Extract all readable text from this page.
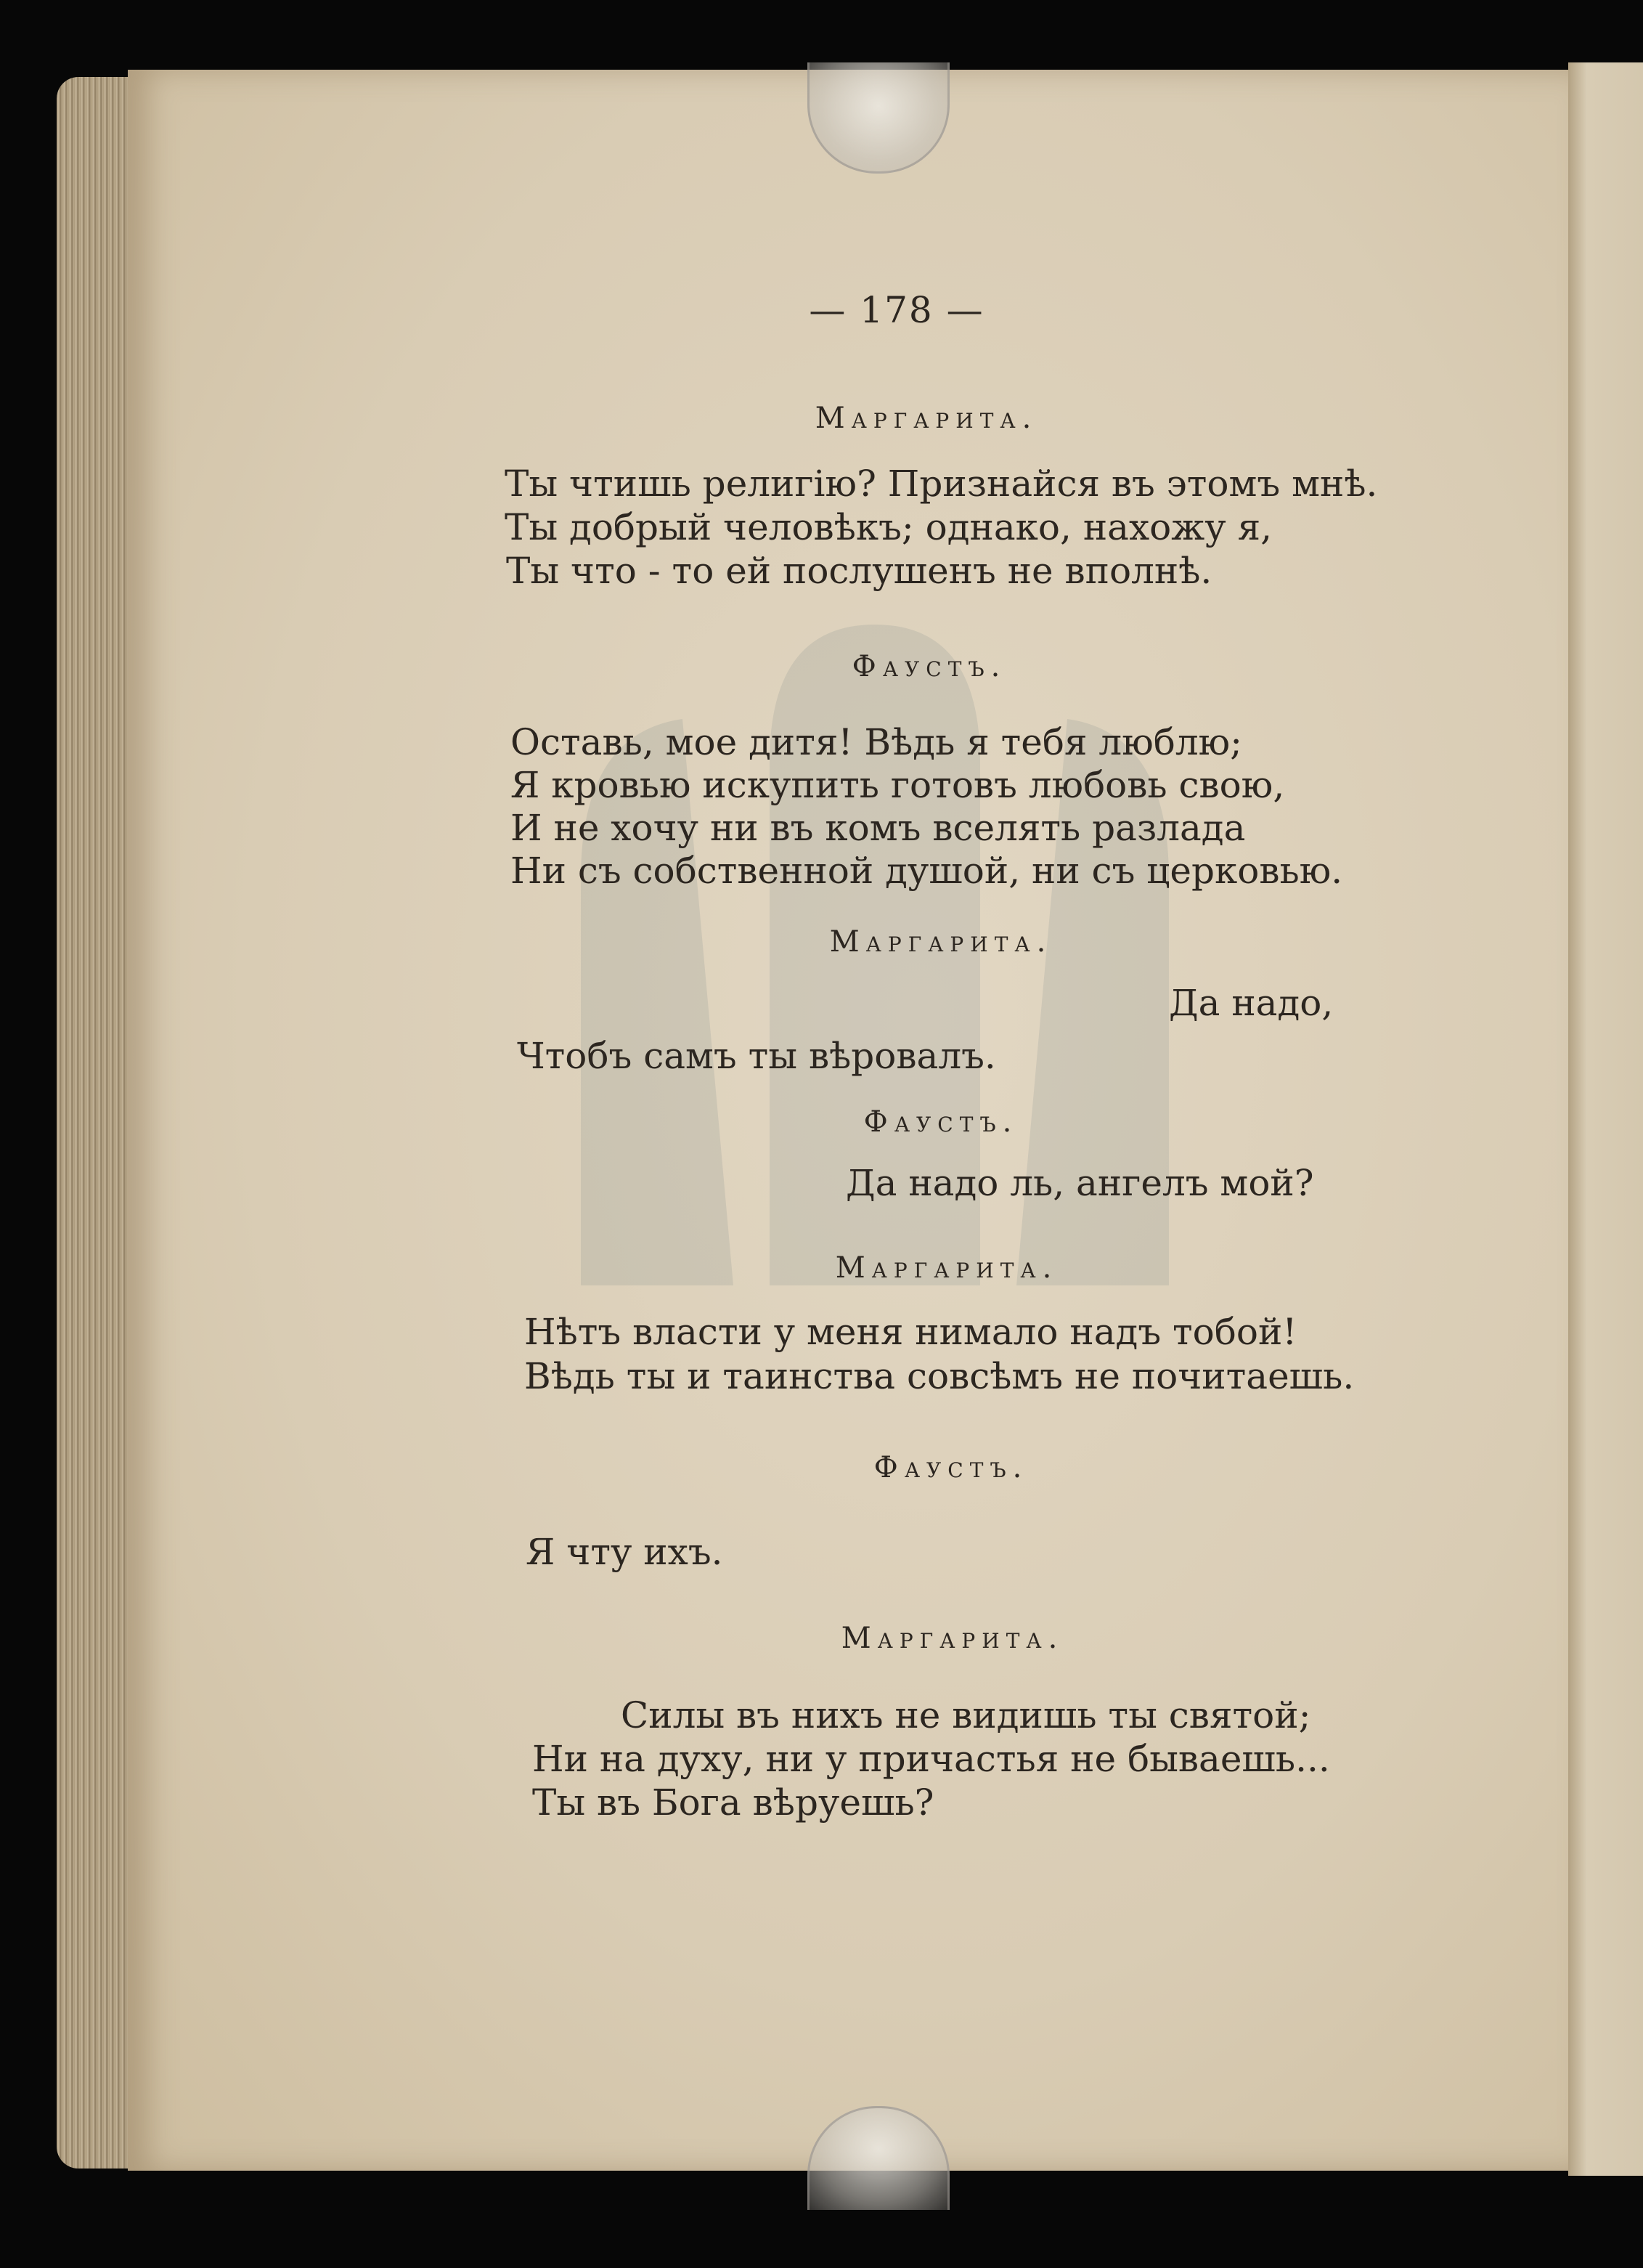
— 178 —
Маргарита.
Ты чтишь религію? Признайся въ этомъ мнѣ.
Ты добрый человѣкъ; однако, нахожу я,
Ты что - то ей послушенъ не вполнѣ.
Фаустъ.
Оставь, мое дитя! Вѣдь я тебя люблю;
Я кровью искупить готовъ любовь свою,
И не хочу ни въ комъ вселять разлада
Ни съ собственной душой, ни съ церковью.
Маргарита.
Да надо,
Чтобъ самъ ты вѣровалъ.
Фаустъ.
Да надо ль, ангелъ мой?
Маргарита.
Нѣтъ власти у меня нимало надъ тобой!
Вѣдь ты и таинства совсѣмъ не почитаешь.
Фаустъ.
Я чту ихъ.
Маргарита.
Силы въ нихъ не видишь ты святой;
Ни на духу, ни у причастья не бываешь...
Ты въ Бога вѣруешь?
